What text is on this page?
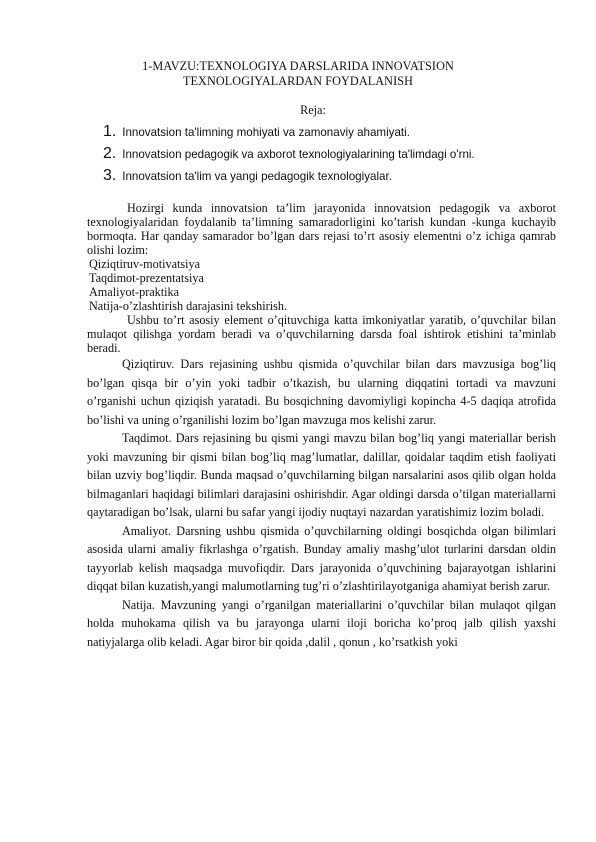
1-MAVZU:TEXNOLOGIYA DARSLARIDA INNOVATSION
TEXNOLOGIYALARDAN FOYDALANISH
Reja:
1. Innovatsion ta'limning mohiyati va zamonaviy ahamiyati.
2. Innovatsion pedagogik va axborot texnologiyalarining ta'limdagi o'rni.
3. Innovatsion ta'lim va yangi pedagogik texnologiyalar.

Hozirgi kunda innovatsion ta’lim jarayonida innovatsion pedagogik va axborot texnologiyalaridan foydalanib ta’limning samaradorligini ko’tarish kundan -kunga kuchayib bormoqta. Har qanday samarador bo’lgan dars rejasi to’rt asosiy elementni o’z ichiga qamrab olishi lozim:

Qiziqtiruv-motivatsiya

Taqdimot-prezentatsiya

Amaliyot-praktika

Natija-o’zlashtirish darajasini tekshirish.

Ushbu to’rt asosiy element o’qituvchiga katta imkoniyatlar yaratib, o’quvchilar bilan mulaqot qilishga yordam beradi va o’quvchilarning darsda foal ishtirok etishini ta’minlab beradi.

Qiziqtiruv. Dars rejasining ushbu qismida o’quvchilar bilan dars mavzusiga bog’liq bo’lgan qisqa bir o’yin yoki tadbir o’tkazish, bu ularning diqqatini tortadi va mavzuni o’rganishi uchun qiziqish yaratadi. Bu bosqichning davomiyligi kopincha 4-5 daqiqa atrofida bo’lishi va uning o’rganilishi lozim bo’lgan mavzuga mos kelishi zarur.

Taqdimot. Dars rejasining bu qismi yangi mavzu bilan bog’liq yangi materiallar berish yoki mavzuning bir qismi bilan bog’liq mag’lumatlar, dalillar, qoidalar taqdim etish faoliyati bilan uzviy bog’liqdir. Bunda maqsad o’quvchilarning bilgan narsalarini asos qilib olgan holda bilmaganlari haqidagi bilimlari darajasini oshirishdir. Agar oldingi darsda o’tilgan materiallarni qaytaradigan bo’lsak, ularni bu safar yangi ijodiy nuqtayi nazardan yaratishimiz lozim boladi.

Amaliyot. Darsning ushbu qismida o’quvchilarning oldingi bosqichda olgan bilimlari asosida ularni amaliy fikrlashga o’rgatish. Bunday amaliy mashg’ulot turlarini darsdan oldin tayyorlab kelish maqsadga muvofiqdir. Dars jarayonida o’quvchining bajarayotgan ishlarini diqqat bilan kuzatish,yangi malumotlarning tug’ri o’zlashtirilayotganiga ahamiyat berish zarur.

Natija. Mavzuning yangi o’rganilgan materiallarini o’quvchilar bilan mulaqot qilgan holda muhokama qilish va bu jarayonga ularni iloji boricha ko’proq jalb qilish yaxshi natiyjalarga olib keladi. Agar biror bir qoida ,dalil , qonun , ko’rsatkish yoki
